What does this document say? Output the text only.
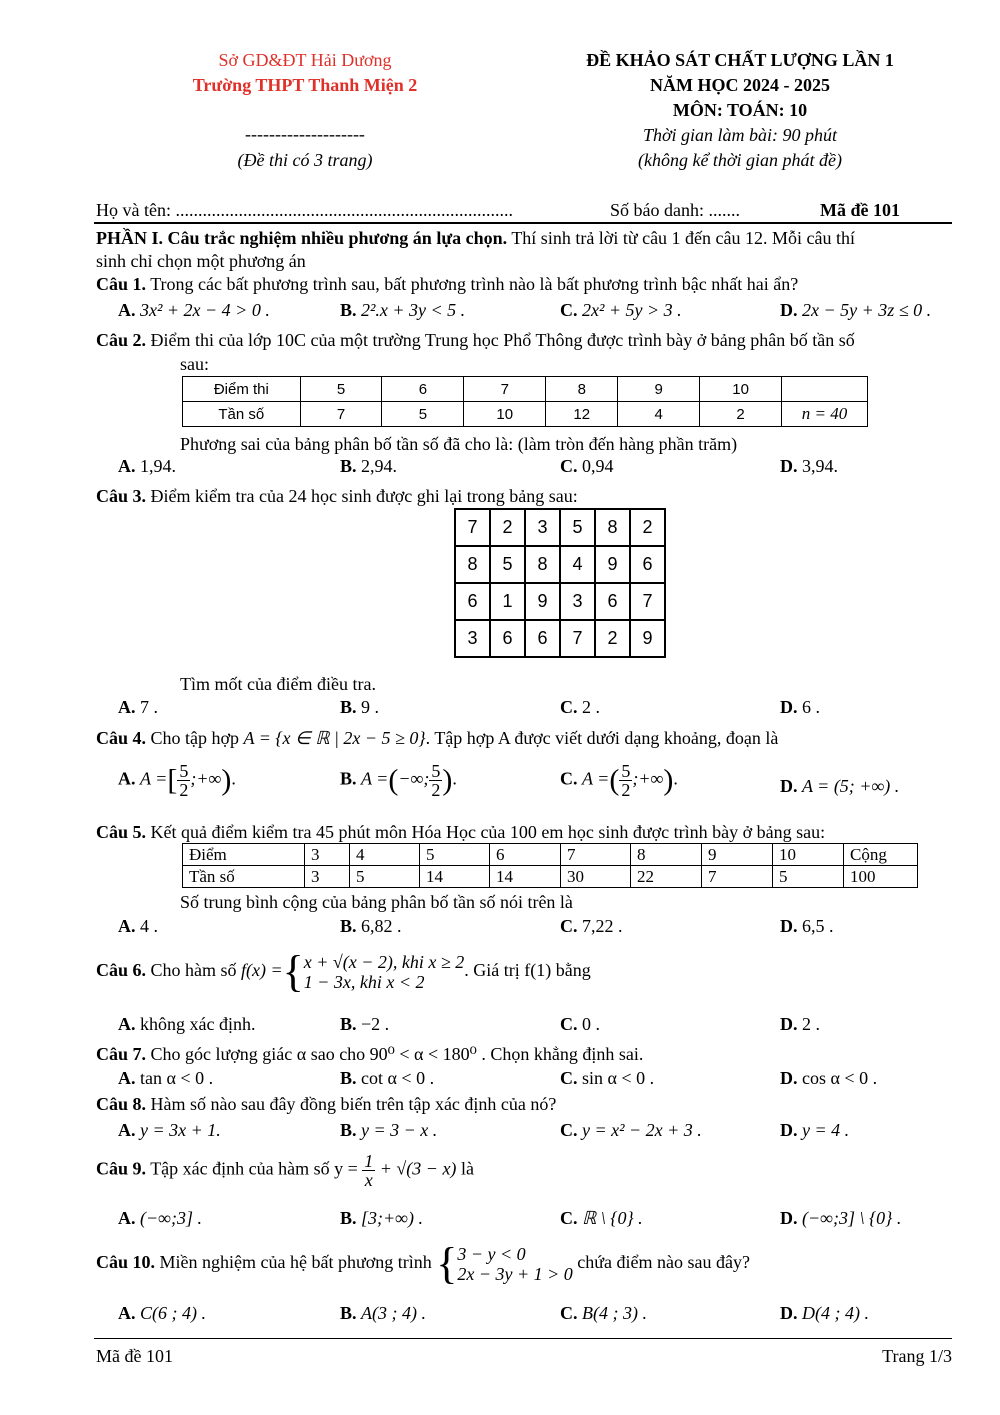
Sở GD&ĐT Hải Dương
Trường THPT Thanh Miện 2
--------------------
(Đề thi có 3 trang)
ĐỀ KHẢO SÁT CHẤT LƯỢNG LẦN 1
NĂM HỌC 2024 - 2025
MÔN: TOÁN: 10
Thời gian làm bài: 90 phút
(không kể thời gian phát đề)
Họ và tên: ...........................................................................	Số báo danh: .......	Mã đề 101
PHẦN I. Câu trắc nghiệm nhiều phương án lựa chọn. Thí sinh trả lời từ câu 1 đến câu 12. Mỗi câu thí
sinh chỉ chọn một phương án
Câu 1. Trong các bất phương trình sau, bất phương trình nào là bất phương trình bậc nhất hai ẩn?
A. 3x² + 2x − 4 > 0 .	B. 2².x + 3y < 5 .	C. 2x² + 5y > 3 .	D. 2x − 5y + 3z ≤ 0 .
Câu 2. Điểm thi của lớp 10C của một trường Trung học Phổ Thông được trình bày ở bảng phân bố tần số
sau:
Điểm thi	5	6	7	8	9	10	
Tần số	7	5	10	12	4	2	n = 40
Phương sai của bảng phân bố tần số đã cho là: (làm tròn đến hàng phần trăm)
A. 1,94.	B. 2,94.	C. 0,94	D. 3,94.
Câu 3. Điểm kiểm tra của 24 học sinh được ghi lại trong bảng sau:
7	2	3	5	8	2
8	5	8	4	9	6
6	1	9	3	6	7
3	6	6	7	2	9
Tìm mốt của điểm điều tra.
A. 7 .	B. 9 .	C. 2 .	D. 6 .
Câu 4. Cho tập hợp A = {x ∈ ℝ | 2x − 5 ≥ 0}. Tập hợp A được viết dưới dạng khoảng, đoạn là
A. A =[ $\frac{5}{2}$ ;+∞).	B. A =(−∞; $\frac{5}{2}$ ).	C. A =( $\frac{5}{2}$ ;+∞).	D. A = (5; +∞) .
Câu 5. Kết quả điểm kiểm tra 45 phút môn Hóa Học của 100 em học sinh được trình bày ở bảng sau:
Điểm	3	4	5	6	7	8	9	10	Cộng
Tần số	3	5	14	14	30	22	7	5	100
Số trung bình cộng của bảng phân bố tần số nói trên là
A. 4 .	B. 6,82 .	C. 7,22 .	D. 6,5 .
Câu 6. Cho hàm số f(x) ={ x + √(x − 2), khi x ≥ 2
1 − 3x, khi x < 2
. Giá trị f(1) bằng
A. không xác định.	B. −2 .	C. 0 .	D. 2 .
Câu 7. Cho góc lượng giác α sao cho 90⁰ < α < 180⁰ . Chọn khẳng định sai.
A. tan α < 0 .	B. cot α < 0 .	C. sin α < 0 .	D. cos α < 0 .
Câu 8. Hàm số nào sau đây đồng biến trên tập xác định của nó?
A. y = 3x + 1.	B. y = 3 − x .	C. y = x² − 2x + 3 .	D. y = 4 .
Câu 9. Tập xác định của hàm số $y = \frac{1}{x} + √(3 - x)$ là
A. (−∞;3] .	B. [3;+∞) .	C. ℝ \ {0} .	D. (−∞;3] \ {0} .
Câu 10. Miền nghiệm của hệ bất phương trình { 3 − y < 0
2x − 3y + 1 > 0
chứa điểm nào sau đây?
A. C(6 ; 4) .	B. A(3 ; 4) .	C. B(4 ; 3) .	D. D(4 ; 4) .
Mã đề 101	Trang 1/3
